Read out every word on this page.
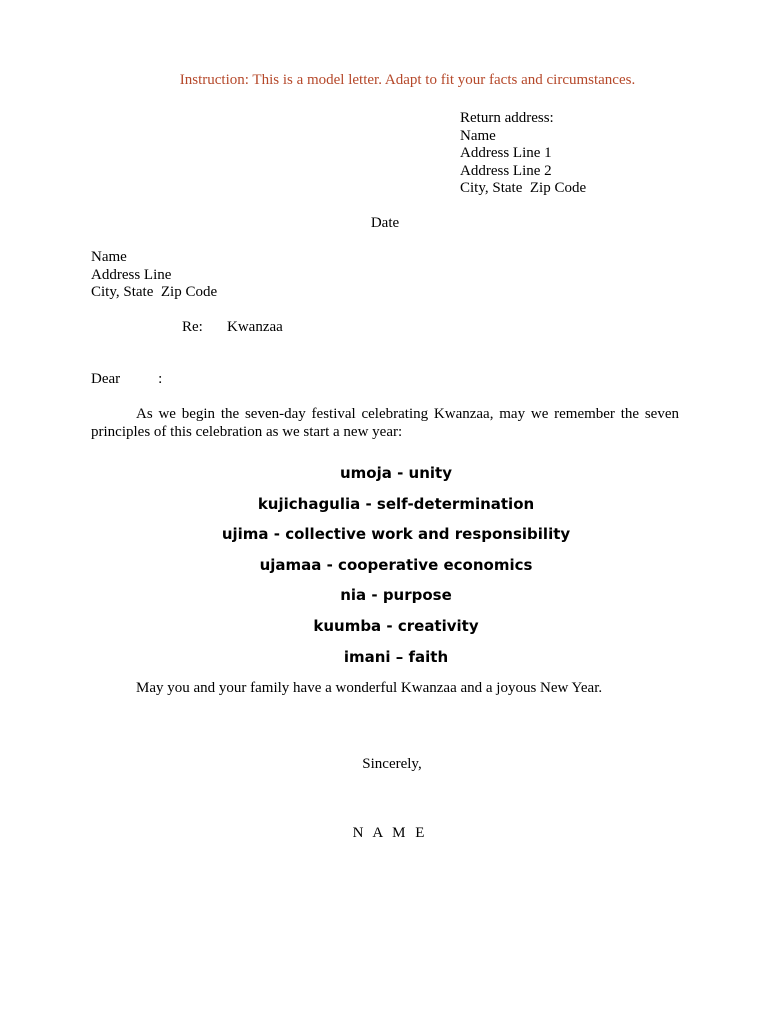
Instruction: This is a model letter. Adapt to fit your facts and circumstances.
Return address:
Name
Address Line 1
Address Line 2
City, State  Zip Code
Date
Name
Address Line
City, State  Zip Code
Re: Kwanzaa
Dear	:

As we begin the seven-day festival celebrating Kwanzaa, may we remember the seven principles of this celebration as we start a new year:

umoja - unity
kujichagulia - self-determination
ujima - collective work and responsibility
ujamaa - cooperative economics
nia - purpose
kuumba - creativity
imani – faith
May you and your family have a wonderful Kwanzaa and a joyous New Year.
Sincerely,
N A M E
